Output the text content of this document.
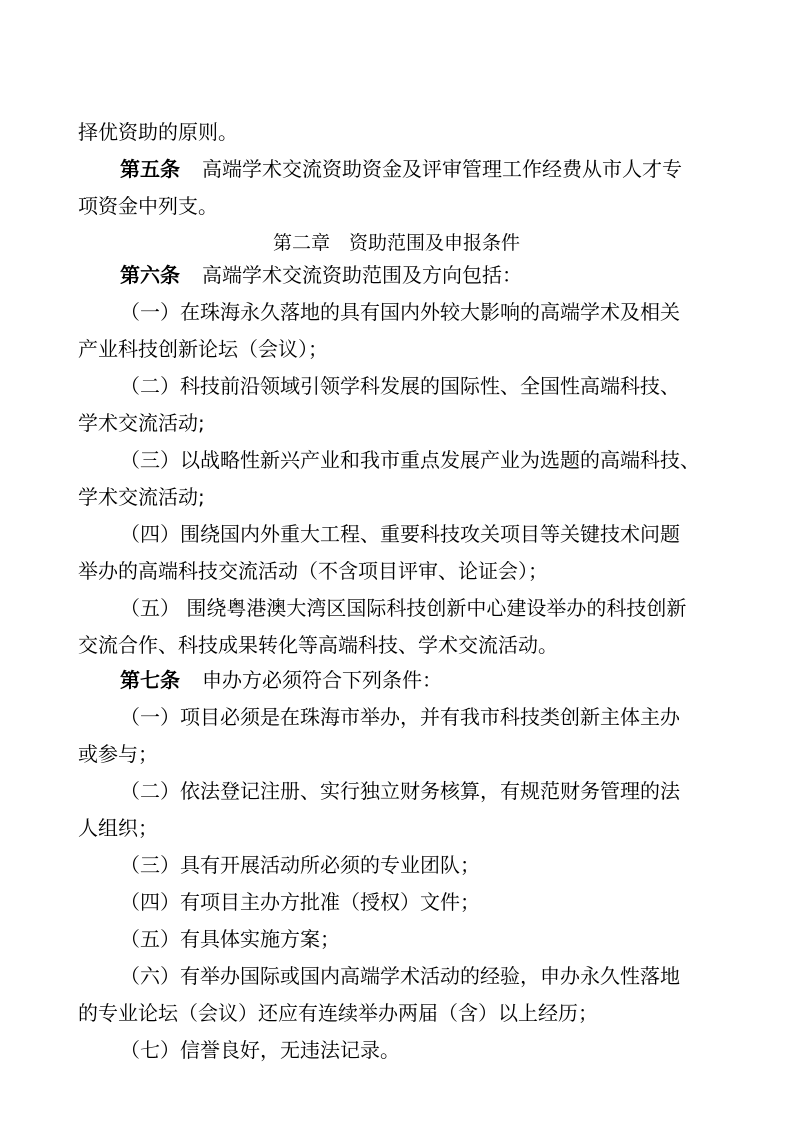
择优资助的原则。
第五条 高端学术交流资助资金及评审管理工作经费从市人才专
项资金中列支。
第二章　资助范围及申报条件
第六条 高端学术交流资助范围及方向包括：
（一）在珠海永久落地的具有国内外较大影响的高端学术及相关
产业科技创新论坛（会议）；
（二）科技前沿领域引领学科发展的国际性、全国性高端科技、
学术交流活动;
（三）以战略性新兴产业和我市重点发展产业为选题的高端科技、
学术交流活动;
（四）围绕国内外重大工程、重要科技攻关项目等关键技术问题
举办的高端科技交流活动（不含项目评审、论证会）；
（五） 围绕粤港澳大湾区国际科技创新中心建设举办的科技创新
交流合作、科技成果转化等高端科技、学术交流活动。
第七条 申办方必须符合下列条件：
（一）项目必须是在珠海市举办，并有我市科技类创新主体主办
或参与；
（二）依法登记注册、实行独立财务核算，有规范财务管理的法
人组织；
（三）具有开展活动所必须的专业团队；
（四）有项目主办方批准（授权）文件；
（五）有具体实施方案；
（六）有举办国际或国内高端学术活动的经验，申办永久性落地
的专业论坛（会议）还应有连续举办两届（含）以上经历；
（七）信誉良好，无违法记录。
